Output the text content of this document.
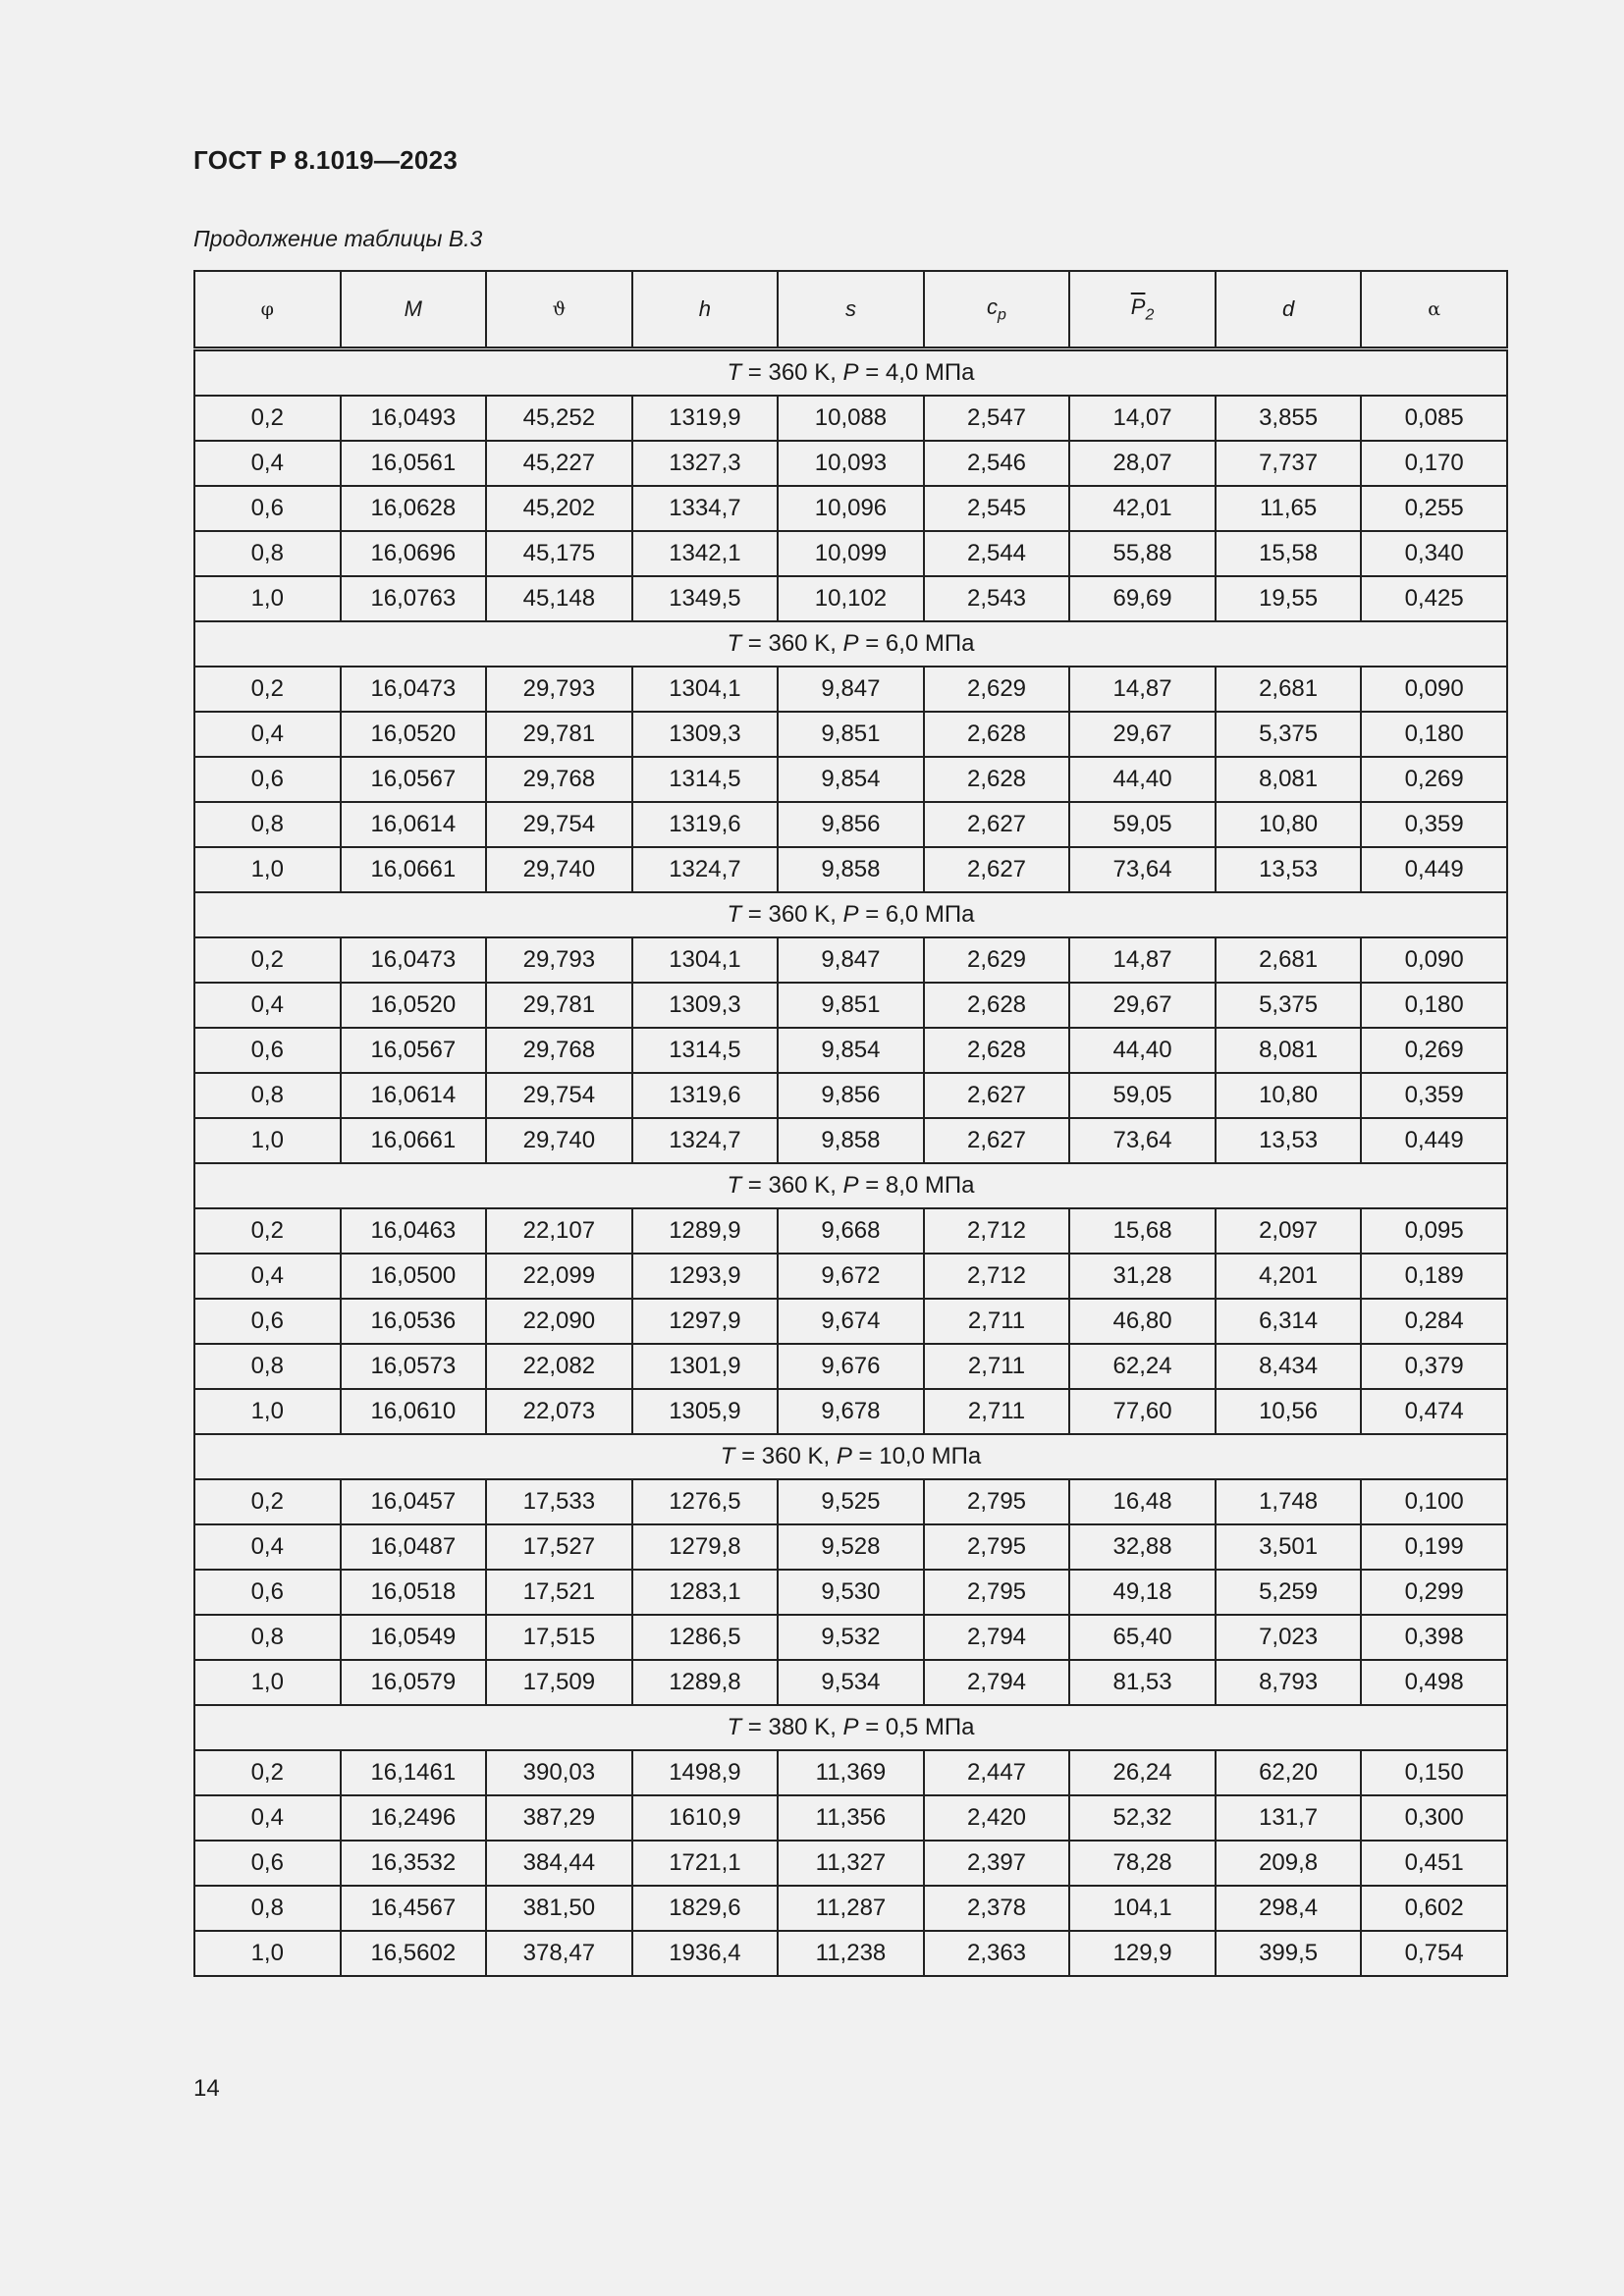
ГОСТ Р 8.1019—2023
Продолжение таблицы В.3
φ	M	ϑ	h	s	$c_p$	$\overline{P}_2$	d	α
T = 360 K, P = 4,0 МПа								
0,2	16,0493	45,252	1319,9	10,088	2,547	14,07	3,855	0,085
0,4	16,0561	45,227	1327,3	10,093	2,546	28,07	7,737	0,170
0,6	16,0628	45,202	1334,7	10,096	2,545	42,01	11,65	0,255
0,8	16,0696	45,175	1342,1	10,099	2,544	55,88	15,58	0,340
1,0	16,0763	45,148	1349,5	10,102	2,543	69,69	19,55	0,425
T = 360 K, P = 6,0 МПа								
0,2	16,0473	29,793	1304,1	9,847	2,629	14,87	2,681	0,090
0,4	16,0520	29,781	1309,3	9,851	2,628	29,67	5,375	0,180
0,6	16,0567	29,768	1314,5	9,854	2,628	44,40	8,081	0,269
0,8	16,0614	29,754	1319,6	9,856	2,627	59,05	10,80	0,359
1,0	16,0661	29,740	1324,7	9,858	2,627	73,64	13,53	0,449
T = 360 K, P = 6,0 МПа								
0,2	16,0473	29,793	1304,1	9,847	2,629	14,87	2,681	0,090
0,4	16,0520	29,781	1309,3	9,851	2,628	29,67	5,375	0,180
0,6	16,0567	29,768	1314,5	9,854	2,628	44,40	8,081	0,269
0,8	16,0614	29,754	1319,6	9,856	2,627	59,05	10,80	0,359
1,0	16,0661	29,740	1324,7	9,858	2,627	73,64	13,53	0,449
T = 360 K, P = 8,0 МПа								
0,2	16,0463	22,107	1289,9	9,668	2,712	15,68	2,097	0,095
0,4	16,0500	22,099	1293,9	9,672	2,712	31,28	4,201	0,189
0,6	16,0536	22,090	1297,9	9,674	2,711	46,80	6,314	0,284
0,8	16,0573	22,082	1301,9	9,676	2,711	62,24	8,434	0,379
1,0	16,0610	22,073	1305,9	9,678	2,711	77,60	10,56	0,474
T = 360 K, P = 10,0 МПа								
0,2	16,0457	17,533	1276,5	9,525	2,795	16,48	1,748	0,100
0,4	16,0487	17,527	1279,8	9,528	2,795	32,88	3,501	0,199
0,6	16,0518	17,521	1283,1	9,530	2,795	49,18	5,259	0,299
0,8	16,0549	17,515	1286,5	9,532	2,794	65,40	7,023	0,398
1,0	16,0579	17,509	1289,8	9,534	2,794	81,53	8,793	0,498
T = 380 K, P = 0,5 МПа								
0,2	16,1461	390,03	1498,9	11,369	2,447	26,24	62,20	0,150
0,4	16,2496	387,29	1610,9	11,356	2,420	52,32	131,7	0,300
0,6	16,3532	384,44	1721,1	11,327	2,397	78,28	209,8	0,451
0,8	16,4567	381,50	1829,6	11,287	2,378	104,1	298,4	0,602
1,0	16,5602	378,47	1936,4	11,238	2,363	129,9	399,5	0,754
14
